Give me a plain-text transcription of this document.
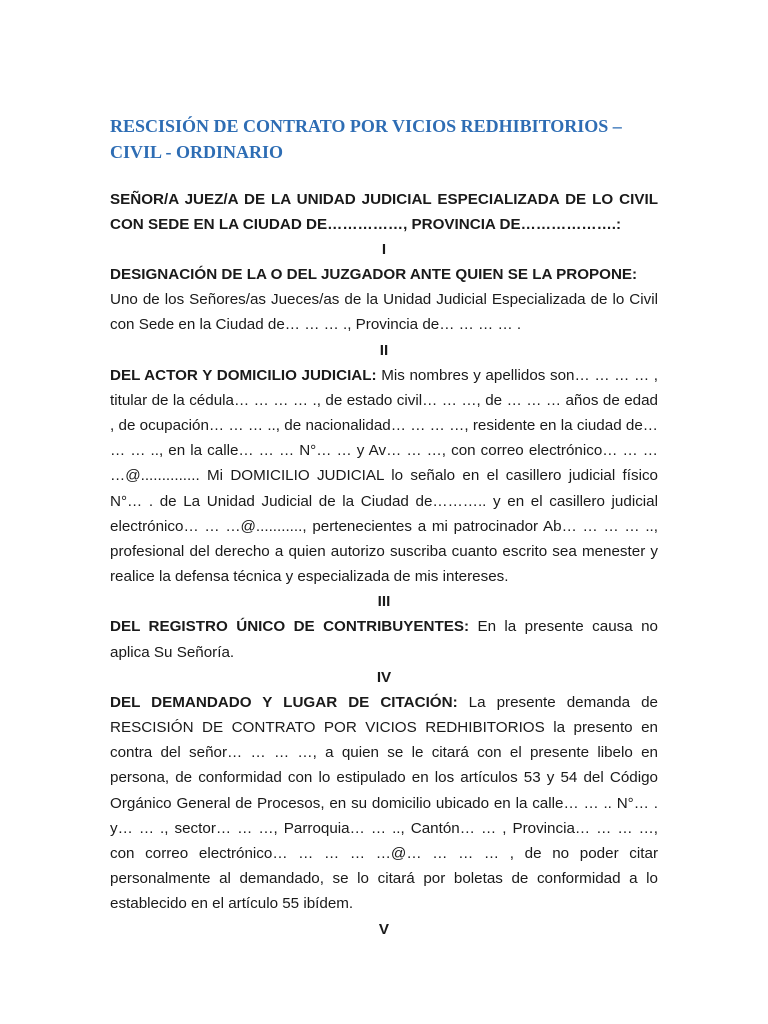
RESCISIÓN DE CONTRATO POR VICIOS REDHIBITORIOS – CIVIL - ORDINARIO

SEÑOR/A JUEZ/A DE LA UNIDAD JUDICIAL ESPECIALIZADA DE LO CIVIL CON SEDE EN LA CIUDAD DE……………, PROVINCIA DE……………….:

I

DESIGNACIÓN DE LA O DEL JUZGADOR ANTE QUIEN SE LA PROPONE:
Uno de los Señores/as Jueces/as de la Unidad Judicial Especializada de lo Civil con Sede en la Ciudad de… … … ., Provincia de… … … … .

II

DEL ACTOR Y DOMICILIO JUDICIAL: Mis nombres y apellidos son… … … … , titular de la cédula… … … … ., de estado civil… … …, de … … … años de edad , de ocupación… … … .., de nacionalidad… … … …, residente en la ciudad de… … … .., en la calle… … … N°… … y Av… … …, con correo electrónico… … … …@.............. Mi DOMICILIO JUDICIAL lo señalo en el casillero judicial físico N°… . de La Unidad Judicial de la Ciudad de……….. y en el casillero judicial electrónico… … …@..........., pertenecientes a mi patrocinador Ab… … … … .., profesional del derecho a quien autorizo suscriba cuanto escrito sea menester y realice la defensa técnica y especializada de mis intereses.

III

DEL REGISTRO ÚNICO DE CONTRIBUYENTES: En la presente causa no aplica Su Señoría.

IV

DEL DEMANDADO Y LUGAR DE CITACIÓN: La presente demanda de RESCISIÓN DE CONTRATO POR VICIOS REDHIBITORIOS la presento en contra del señor… … … …, a quien se le citará con el presente libelo en persona, de conformidad con lo estipulado en los artículos 53 y 54 del Código Orgánico General de Procesos, en su domicilio ubicado en la calle… … .. N°… . y… … ., sector… … …, Parroquia… … .., Cantón… … , Provincia… … … …, con correo electrónico… … … … …@… … … … , de no poder citar personalmente al demandado, se lo citará por boletas de conformidad a lo establecido en el artículo 55 ibídem.

V
